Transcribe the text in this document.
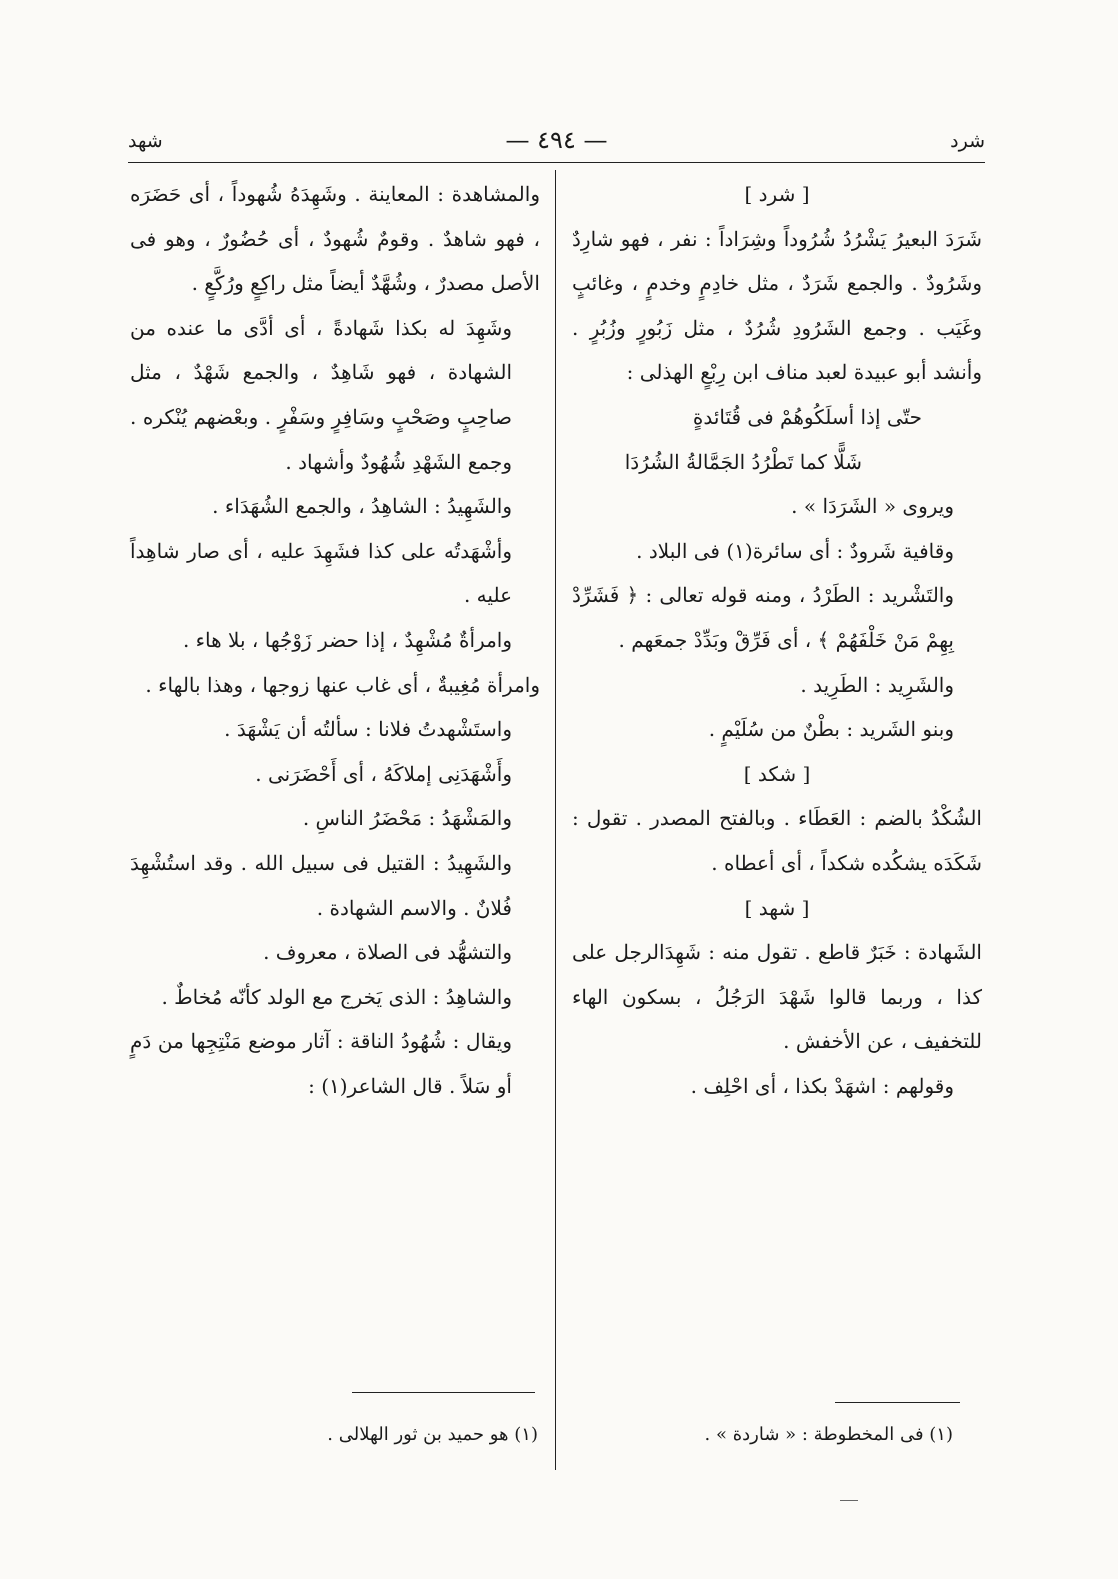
شرد
— ٤٩٤ —
شهد

[ شرد ]

شَرَدَ البعيرُ يَشْرُدُ شُرُوداً وشِرَاداً : نفر ، فهو شارِدٌ وشَرُودٌ . والجمع شَرَدٌ ، مثل خادِمٍ وخدمٍ ، وغائبٍ وغَيَب . وجمع الشَرُودِ شُرُدٌ ، مثل زَبُورٍ وزُبُرٍ . وأنشد أبو عبيدة لعبد مناف ابن رِبْعٍ الهذلى :

حتّى إذا أسلَكُوهُمْ فى قُتَائدةٍ

شَلًّا كما تَطْرُدُ الجَمَّالةُ الشُرُدَا

ويروى « الشَرَدَا » .

وقافية شَرودٌ : أى سائرة(١) فى البلاد .

والتَشْريد : الطَرْدُ ، ومنه قوله تعالى : ﴿ فَشَرِّدْ بِهِمْ مَنْ خَلْفَهُمْ ﴾ ، أى فَرِّقْ وبَدِّدْ جمعَهم .

والشَرِيد : الطَرِيد .

وبنو الشَريد : بطْنٌ من سُلَيْمٍ .

[ شكد ]

الشُكْدُ بالضم : العَطَاء . وبالفتح المصدر . تقول : شَكَدَه يشكُده شكداً ، أى أعطاه .

[ شهد ]

الشَهادة : خَبَرٌ قاطع . تقول منه : شَهِدَالرجل على كذا ، وربما قالوا شَهْدَ الرَجُلُ ، بسكون الهاء للتخفيف ، عن الأخفش .

وقولهم : اشهَدْ بكذا ، أى احْلِف .

والمشاهدة : المعاينة . وشَهِدَهُ شُهوداً ، أى حَضَرَه ، فهو شاهدٌ . وقومٌ شُهودٌ ، أى حُضُورٌ ، وهو فى الأصل مصدرٌ ، وشُهَّدٌ أيضاً مثل راكِعٍ ورُكَّعٍ .

وشَهِدَ له بكذا شَهادةً ، أى أدَّى ما عنده من الشهادة ، فهو شَاهِدٌ ، والجمع شَهْدٌ ، مثل صاحِبٍ وصَحْبٍ وسَافِرٍ وسَفْرٍ . وبعْضهم يُنْكره . وجمع الشَهْدِ شُهُودٌ وأشهاد .

والشَهِيدُ : الشاهِدُ ، والجمع الشُهَدَاء .

وأشْهَدتُه على كذا فشَهِدَ عليه ، أى صار شاهِداً عليه .

وامرأةٌ مُشْهِدٌ ، إذا حضر زَوْجُها ، بلا هاء .

وامرأة مُغِيبةٌ ، أى غاب عنها زوجها ، وهذا بالهاء .

واستَشْهدتُ فلانا : سألتُه أن يَشْهَدَ .

وأَشْهَدَنِى إملاكَهُ ، أى أَحْضَرَنى .

والمَشْهَدُ : مَحْضَرُ الناسِ .

والشَهِيدُ : القتيل فى سبيل الله . وقد استُشْهِدَ فُلانٌ . والاسم الشهادة .

والتشهُّد فى الصلاة ، معروف .

والشاهِدُ : الذى يَخرج مع الولد كأنّه مُخاطٌ .

ويقال : شُهُودُ الناقة : آثار موضع مَنْتِجِها من دَمٍ أو سَلاً . قال الشاعر(١) :

(١) فى المخطوطة : « شاردة » .
(١) هو حميد بن ثور الهلالى .
